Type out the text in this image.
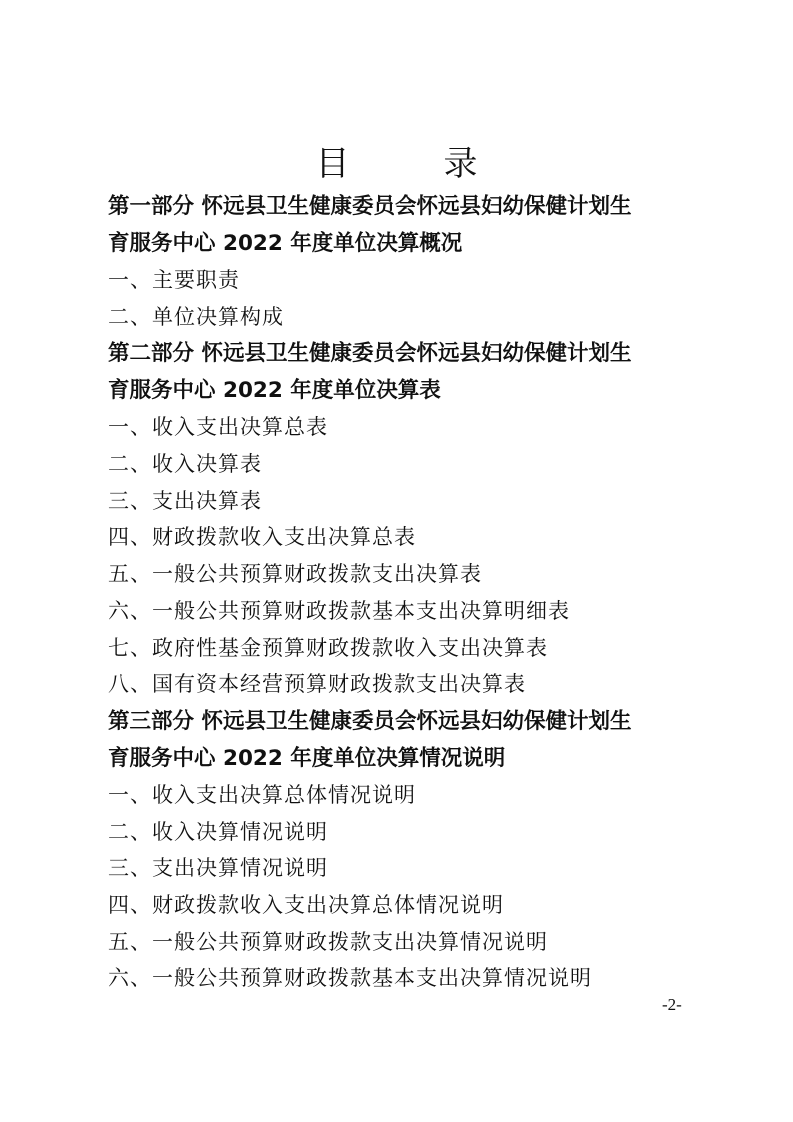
目　录
第一部分 怀远县卫生健康委员会怀远县妇幼保健计划生
育服务中心 2022 年度单位决算概况
一、主要职责
二、单位决算构成
第二部分 怀远县卫生健康委员会怀远县妇幼保健计划生
育服务中心 2022 年度单位决算表
一、收入支出决算总表
二、收入决算表
三、支出决算表
四、财政拨款收入支出决算总表
五、一般公共预算财政拨款支出决算表
六、一般公共预算财政拨款基本支出决算明细表
七、政府性基金预算财政拨款收入支出决算表
八、国有资本经营预算财政拨款支出决算表
第三部分 怀远县卫生健康委员会怀远县妇幼保健计划生
育服务中心 2022 年度单位决算情况说明
一、收入支出决算总体情况说明
二、收入决算情况说明
三、支出决算情况说明
四、财政拨款收入支出决算总体情况说明
五、一般公共预算财政拨款支出决算情况说明
六、一般公共预算财政拨款基本支出决算情况说明
-2-
